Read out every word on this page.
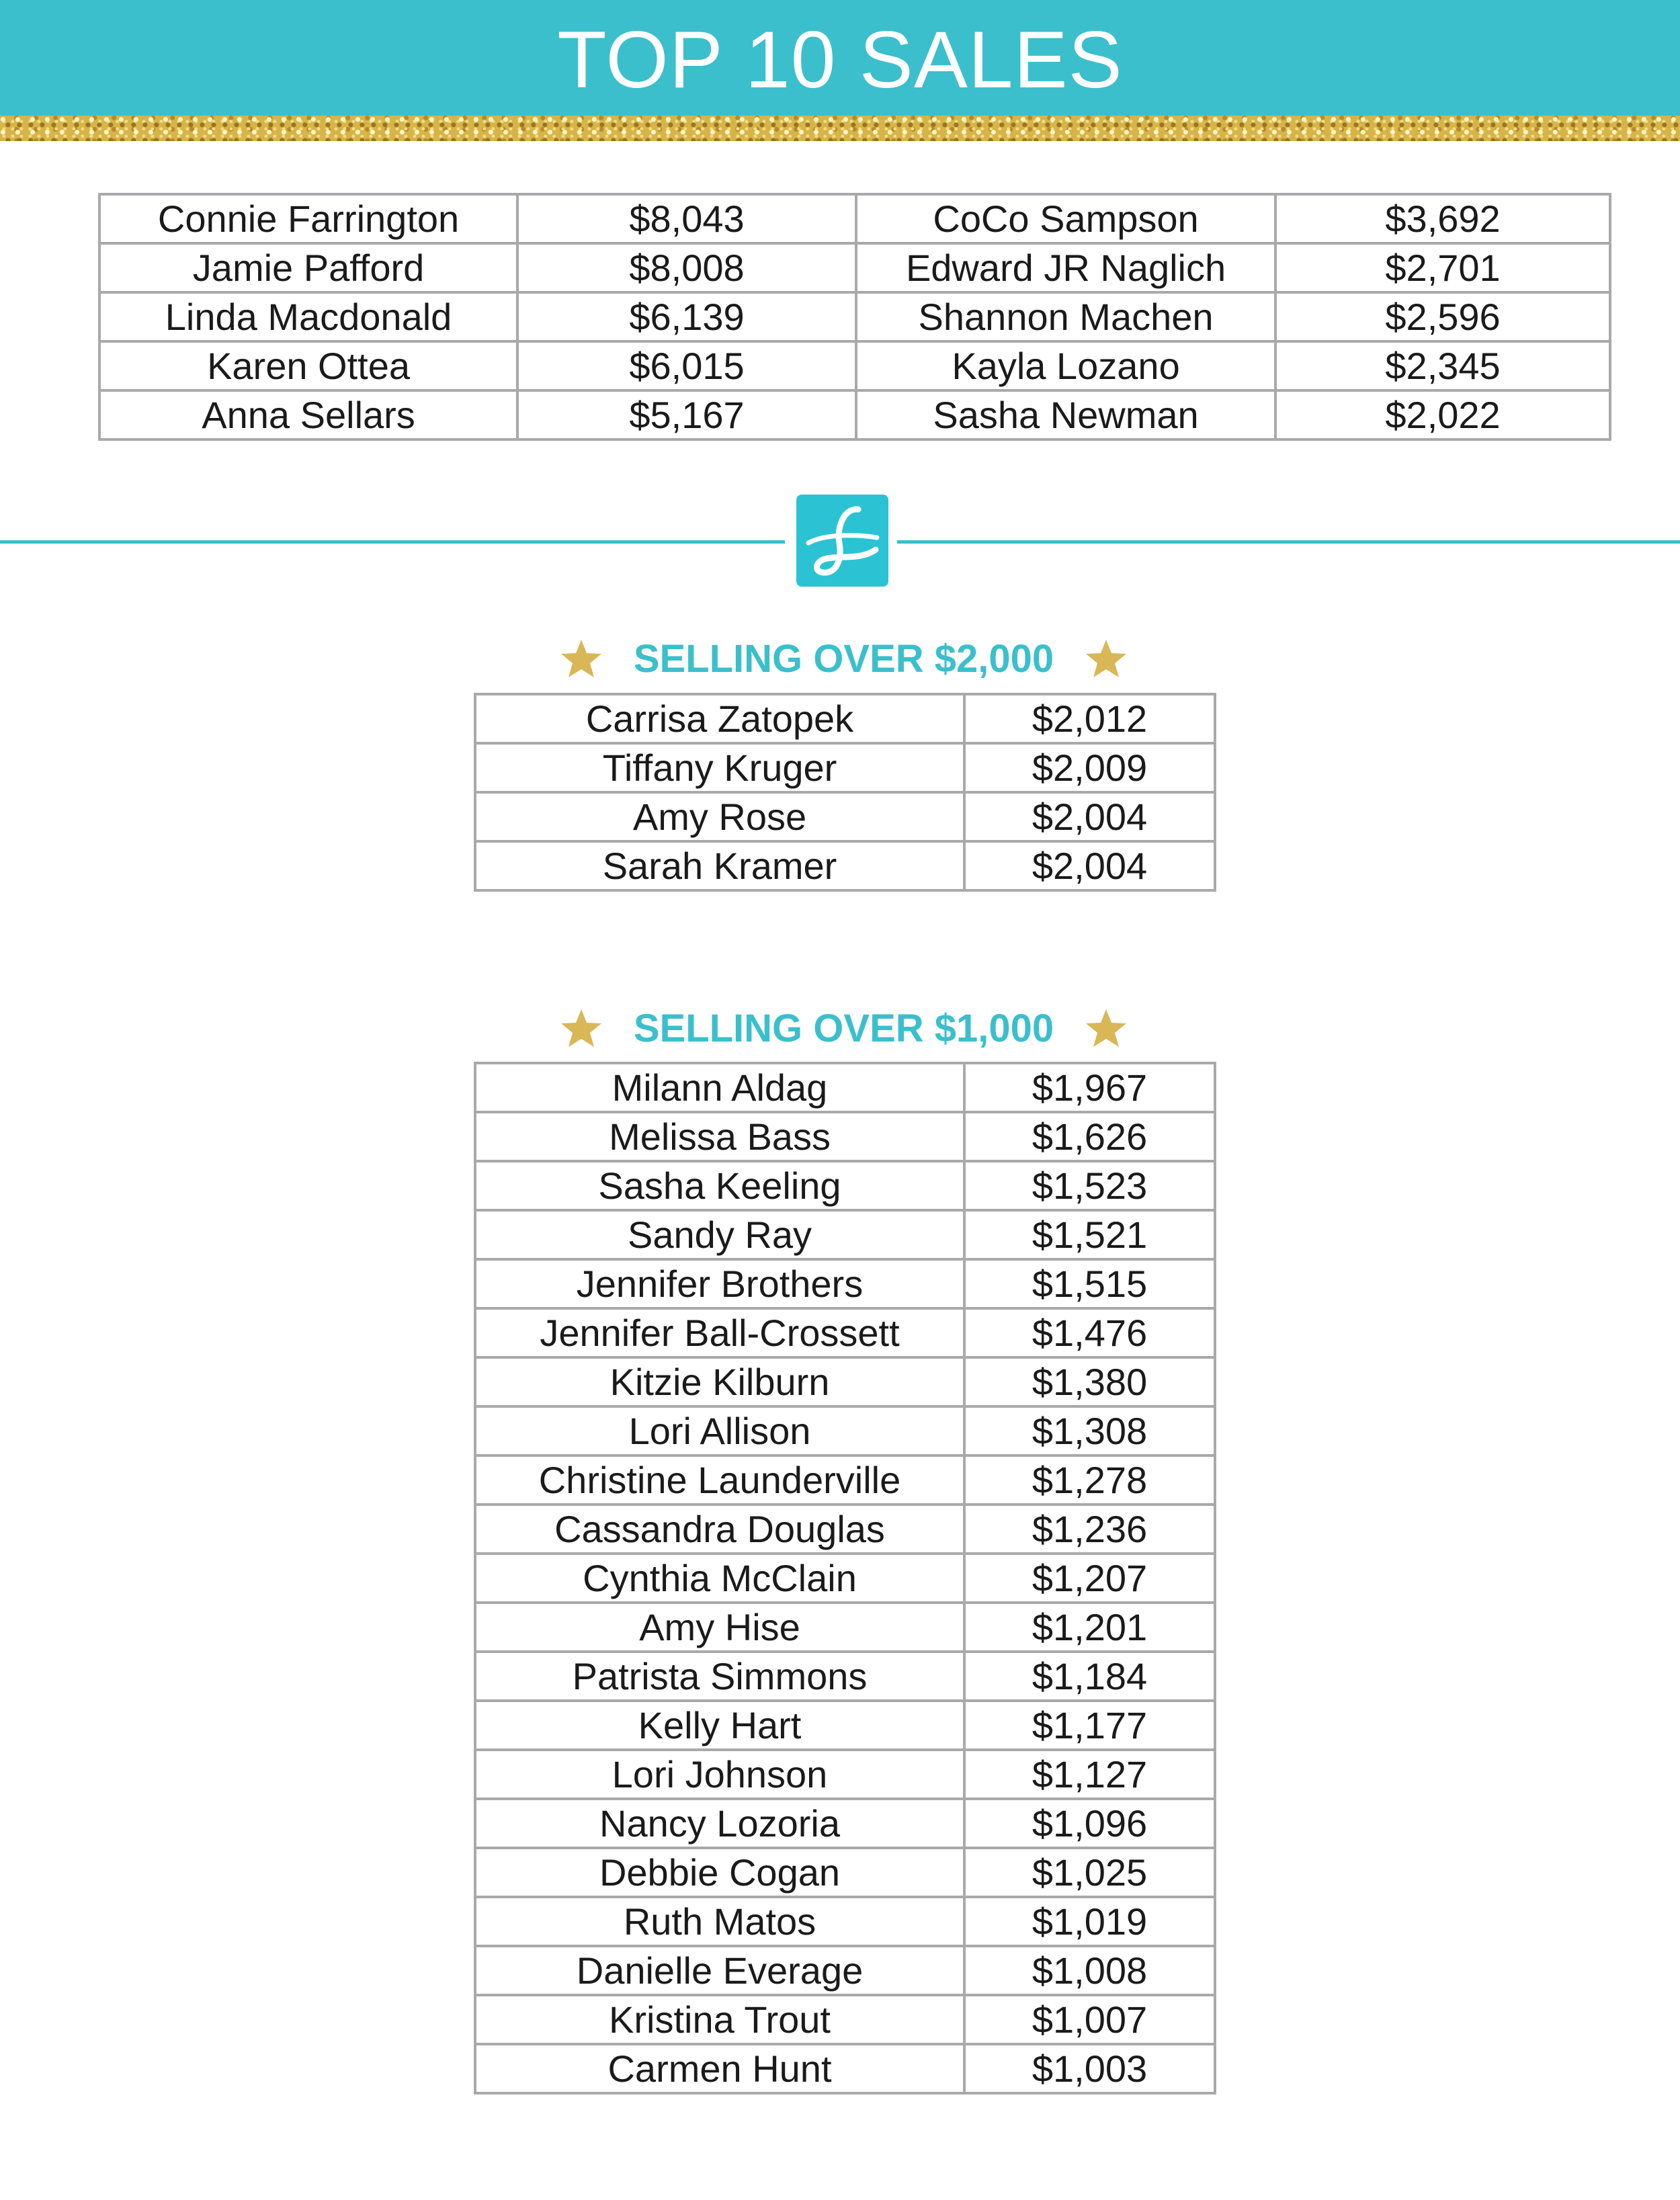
TOP 10 SALES
Connie Farrington	$8,043	CoCo Sampson	$3,692
Jamie Pafford	$8,008	Edward JR Naglich	$2,701
Linda Macdonald	$6,139	Shannon Machen	$2,596
Karen Ottea	$6,015	Kayla Lozano	$2,345
Anna Sellars	$5,167	Sasha Newman	$2,022
SELLING OVER $2,000
Carrisa Zatopek	$2,012
Tiffany Kruger	$2,009
Amy Rose	$2,004
Sarah Kramer	$2,004
SELLING OVER $1,000
Milann Aldag	$1,967
Melissa Bass	$1,626
Sasha Keeling	$1,523
Sandy Ray	$1,521
Jennifer Brothers	$1,515
Jennifer Ball-Crossett	$1,476
Kitzie Kilburn	$1,380
Lori Allison	$1,308
Christine Launderville	$1,278
Cassandra Douglas	$1,236
Cynthia McClain	$1,207
Amy Hise	$1,201
Patrista Simmons	$1,184
Kelly Hart	$1,177
Lori Johnson	$1,127
Nancy Lozoria	$1,096
Debbie Cogan	$1,025
Ruth Matos	$1,019
Danielle Everage	$1,008
Kristina Trout	$1,007
Carmen Hunt	$1,003
